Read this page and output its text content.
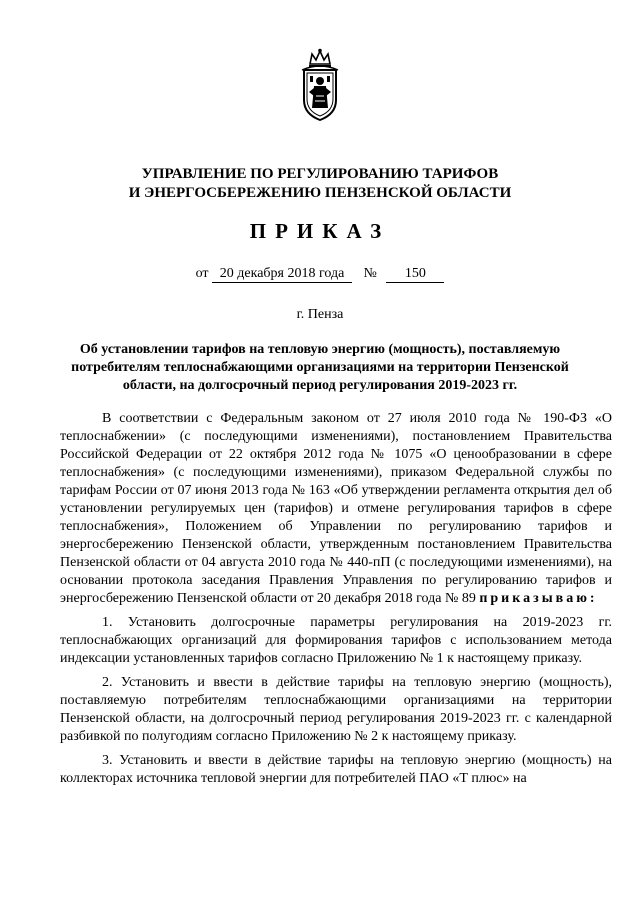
УПРАВЛЕНИЕ ПО РЕГУЛИРОВАНИЮ ТАРИФОВ
И ЭНЕРГОСБЕРЕЖЕНИЮ ПЕНЗЕНСКОЙ ОБЛАСТИ
ПРИКАЗ
от 20 декабря 2018 года № 150
г. Пенза
Об установлении тарифов на тепловую энергию (мощность), поставляемую потребителям теплоснабжающими организациями на территории Пензенской области, на долгосрочный период регулирования 2019-2023 гг.

В соответствии с Федеральным законом от 27 июля 2010 года № 190-ФЗ «О теплоснабжении» (с последующими изменениями), постановлением Правительства Российской Федерации от 22 октября 2012 года № 1075 «О ценообразовании в сфере теплоснабжения» (с последующими изменениями), приказом Федеральной службы по тарифам России от 07 июня 2013 года № 163 «Об утверждении регламента открытия дел об установлении регулируемых цен (тарифов) и отмене регулирования тарифов в сфере теплоснабжения», Положением об Управлении по регулированию тарифов и энергосбережению Пензенской области, утвержденным постановлением Правительства Пензенской области от 04 августа 2010 года № 440-пП (с последующими изменениями), на основании протокола заседания Правления Управления по регулированию тарифов и энергосбережению Пензенской области от 20 декабря 2018 года № 89 приказываю:

1. Установить долгосрочные параметры регулирования на 2019-2023 гг. теплоснабжающих организаций для формирования тарифов с использованием метода индексации установленных тарифов согласно Приложению № 1 к настоящему приказу.

2. Установить и ввести в действие тарифы на тепловую энергию (мощность), поставляемую потребителям теплоснабжающими организациями на территории Пензенской области, на долгосрочный период регулирования 2019-2023 гг. с календарной разбивкой по полугодиям согласно Приложению № 2 к настоящему приказу.

3. Установить и ввести в действие тарифы на тепловую энергию (мощность) на коллекторах источника тепловой энергии для потребителей ПАО «Т плюс» на
